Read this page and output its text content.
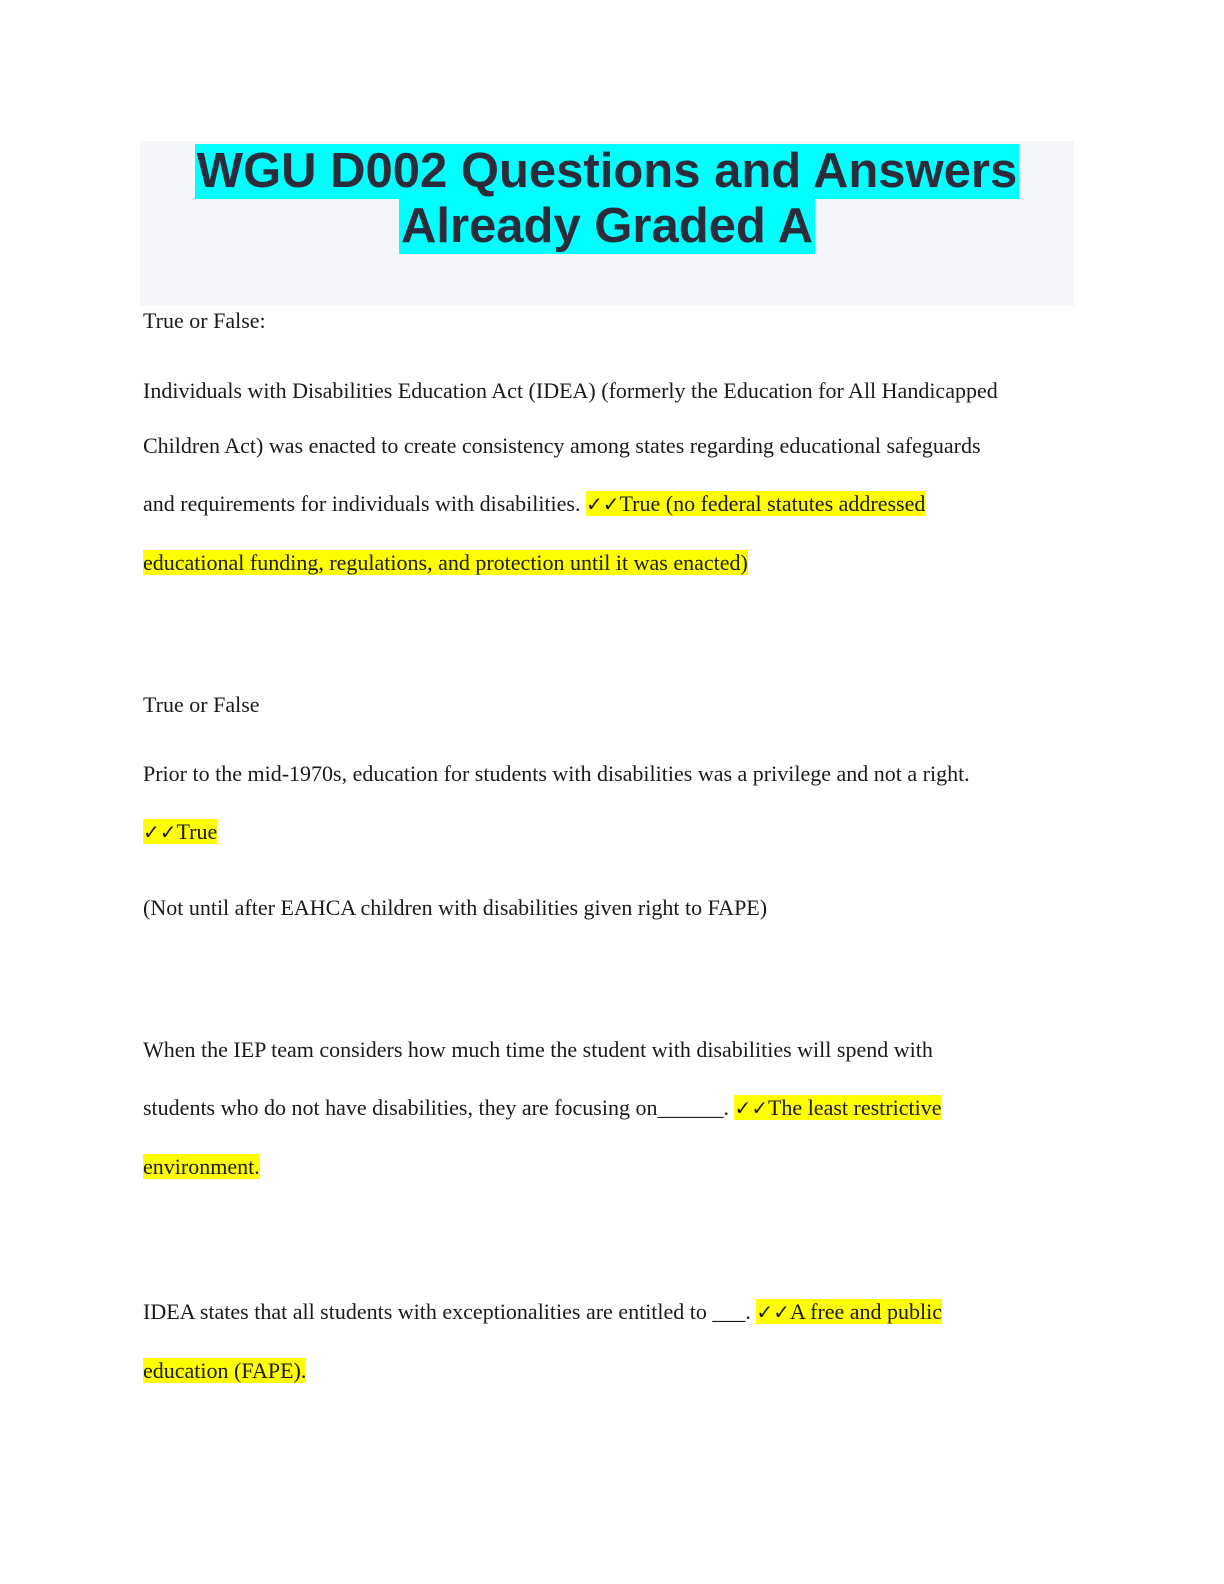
WGU D002 Questions and Answers
Already Graded A
True or False:
Individuals with Disabilities Education Act (IDEA) (formerly the Education for All Handicapped
Children Act) was enacted to create consistency among states regarding educational safeguards
and requirements for individuals with disabilities. ✓✓True (no federal statutes addressed
educational funding, regulations, and protection until it was enacted)
True or False
Prior to the mid-1970s, education for students with disabilities was a privilege and not a right.
✓✓True
(Not until after EAHCA children with disabilities given right to FAPE)
When the IEP team considers how much time the student with disabilities will spend with
students who do not have disabilities, they are focusing on______. ✓✓The least restrictive
environment.
IDEA states that all students with exceptionalities are entitled to ___. ✓✓A free and public
education (FAPE).
